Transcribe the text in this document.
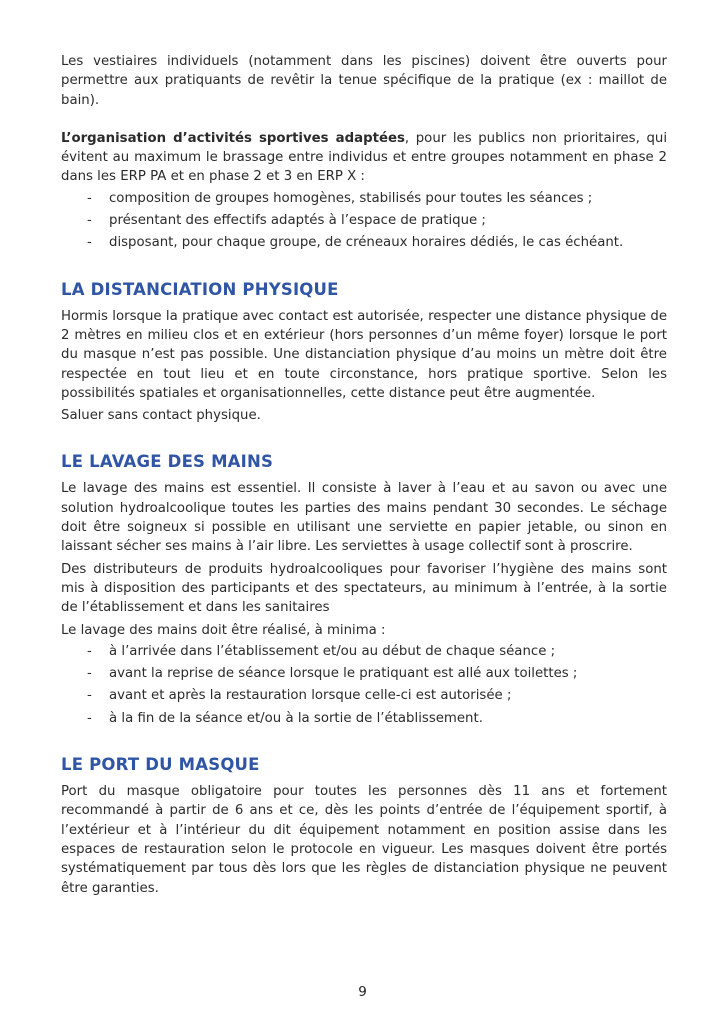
Les vestiaires individuels (notamment dans les piscines) doivent être ouverts pour permettre aux pratiquants de revêtir la tenue spécifique de la pratique (ex : maillot de bain).

L’organisation d’activités sportives adaptées, pour les publics non prioritaires, qui évitent au maximum le brassage entre individus et entre groupes notamment en phase 2 dans les ERP PA et en phase 2 et 3 en ERP X :

- composition de groupes homogènes, stabilisés pour toutes les séances ;
- présentant des effectifs adaptés à l’espace de pratique ;
- disposant, pour chaque groupe, de créneaux horaires dédiés, le cas échéant.
LA DISTANCIATION PHYSIQUE

Hormis lorsque la pratique avec contact est autorisée, respecter une distance physique de 2 mètres en milieu clos et en extérieur (hors personnes d’un même foyer) lorsque le port du masque n’est pas possible. Une distanciation physique d’au moins un mètre doit être respectée en tout lieu et en toute circonstance, hors pratique sportive. Selon les possibilités spatiales et organisationnelles, cette distance peut être augmentée.

Saluer sans contact physique.

LE LAVAGE DES MAINS

Le lavage des mains est essentiel. Il consiste à laver à l’eau et au savon ou avec une solution hydroalcoolique toutes les parties des mains pendant 30 secondes. Le séchage doit être soigneux si possible en utilisant une serviette en papier jetable, ou sinon en laissant sécher ses mains à l’air libre. Les serviettes à usage collectif sont à proscrire.

Des distributeurs de produits hydroalcooliques pour favoriser l’hygiène des mains sont mis à disposition des participants et des spectateurs, au minimum à l’entrée, à la sortie de l’établissement et dans les sanitaires

Le lavage des mains doit être réalisé, à minima :

- à l’arrivée dans l’établissement et/ou au début de chaque séance ;
- avant la reprise de séance lorsque le pratiquant est allé aux toilettes ;
- avant et après la restauration lorsque celle-ci est autorisée ;
- à la fin de la séance et/ou à la sortie de l’établissement.
LE PORT DU MASQUE

Port du masque obligatoire pour toutes les personnes dès 11 ans et fortement recommandé à partir de 6 ans et ce, dès les points d’entrée de l’équipement sportif, à l’extérieur et à l’intérieur du dit équipement notamment en position assise dans les espaces de restauration selon le protocole en vigueur. Les masques doivent être portés systématiquement par tous dès lors que les règles de distanciation physique ne peuvent être garanties.

9
